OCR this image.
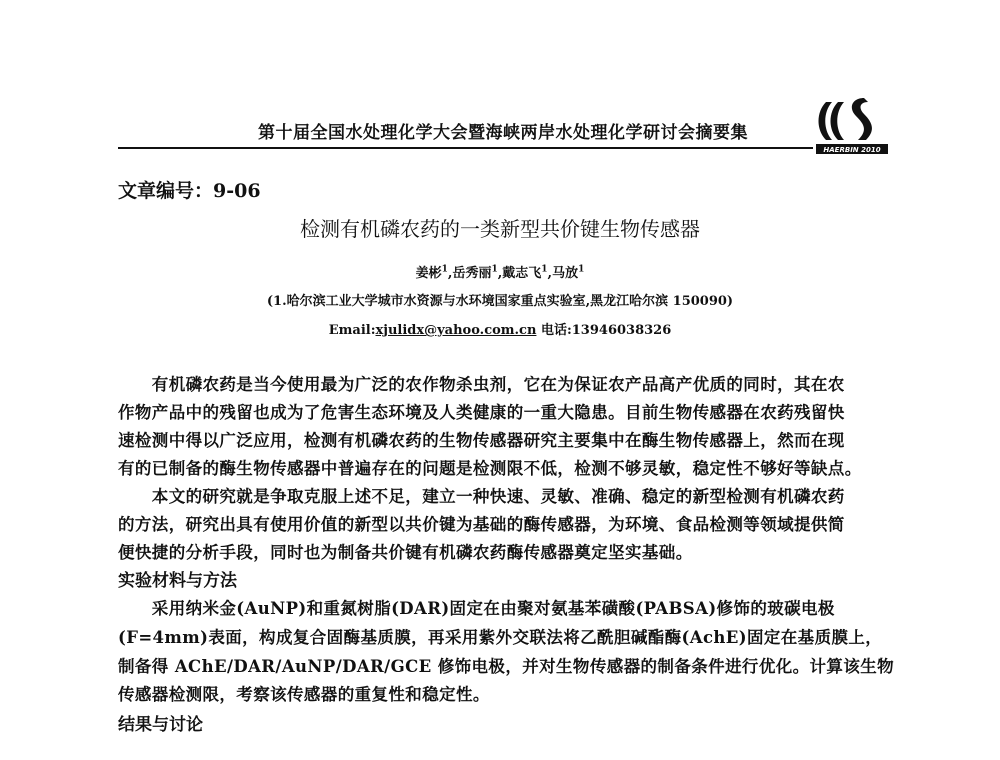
第十届全国水处理化学大会暨海峡两岸水处理化学研讨会摘要集
HAERBIN 2010
文章编号：9-06
检测有机磷农药的一类新型共价键生物传感器
姜彬$^1$,岳秀丽$^1$,戴志飞$^1$,马放$^1$
(1.哈尔滨工业大学城市水资源与水环境国家重点实验室,黑龙江哈尔滨 150090)
Email:xjulidx@yahoo.com.cn 电话:13946038326
　　有机磷农药是当今使用最为广泛的农作物杀虫剂，它在为保证农产品高产优质的同时，其在农
作物产品中的残留也成为了危害生态环境及人类健康的一重大隐患。目前生物传感器在农药残留快
速检测中得以广泛应用，检测有机磷农药的生物传感器研究主要集中在酶生物传感器上，然而在现
有的已制备的酶生物传感器中普遍存在的问题是检测限不低，检测不够灵敏，稳定性不够好等缺点。
　　本文的研究就是争取克服上述不足，建立一种快速、灵敏、准确、稳定的新型检测有机磷农药
的方法，研究出具有使用价值的新型以共价键为基础的酶传感器，为环境、食品检测等领域提供简
便快捷的分析手段，同时也为制备共价键有机磷农药酶传感器奠定坚实基础。
实验材料与方法
　　采用纳米金(AuNP)和重氮树脂(DAR)固定在由聚对氨基苯磺酸(PABSA)修饰的玻碳电极
(F=4mm)表面，构成复合固酶基质膜，再采用紫外交联法将乙酰胆碱酯酶(AchE)固定在基质膜上，
制备得 AChE/DAR/AuNP/DAR/GCE 修饰电极，并对生物传感器的制备条件进行优化。计算该生物
传感器检测限，考察该传感器的重复性和稳定性。
结果与讨论
